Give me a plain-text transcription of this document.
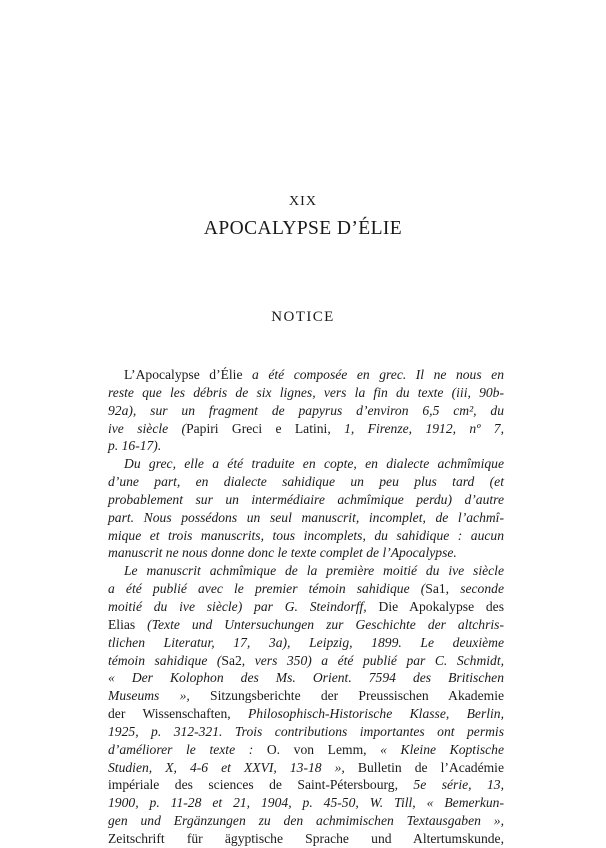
XIX
APOCALYPSE D’ÉLIE
NOTICE
L’Apocalypse d’Élie a été composée en grec. Il ne nous en
reste que les débris de six lignes, vers la fin du texte (iii, 90b-
92a), sur un fragment de papyrus d’environ 6,5 cm², du
ive siècle (Papiri Greci e Latini, 1, Firenze, 1912, nº 7,
p. 16-17).
Du grec, elle a été traduite en copte, en dialecte achmîmique
d’une part, en dialecte sahidique un peu plus tard (et
probablement sur un intermédiaire achmîmique perdu) d’autre
part. Nous possédons un seul manuscrit, incomplet, de l’achmî-
mique et trois manuscrits, tous incomplets, du sahidique : aucun
manuscrit ne nous donne donc le texte complet de l’Apocalypse.
Le manuscrit achmîmique de la première moitié du ive siècle
a été publié avec le premier témoin sahidique (Sa1, seconde
moitié du ive siècle) par G. Steindorff, Die Apokalypse des
Elias (Texte und Untersuchungen zur Geschichte der altchris-
tlichen Literatur, 17, 3a), Leipzig, 1899. Le deuxième
témoin sahidique (Sa2, vers 350) a été publié par C. Schmidt,
« Der Kolophon des Ms. Orient. 7594 des Britischen
Museums », Sitzungsberichte der Preussischen Akademie
der Wissenschaften, Philosophisch-Historische Klasse, Berlin,
1925, p. 312-321. Trois contributions importantes ont permis
d’améliorer le texte : O. von Lemm, « Kleine Koptische
Studien, X, 4-6 et XXVI, 13-18 », Bulletin de l’Académie
impériale des sciences de Saint-Pétersbourg, 5e série, 13,
1900, p. 11-28 et 21, 1904, p. 45-50, W. Till, « Bemerkun-
gen und Ergänzungen zu den achmimischen Textausgaben »,
Zeitschrift für ägyptische Sprache und Altertumskunde,
